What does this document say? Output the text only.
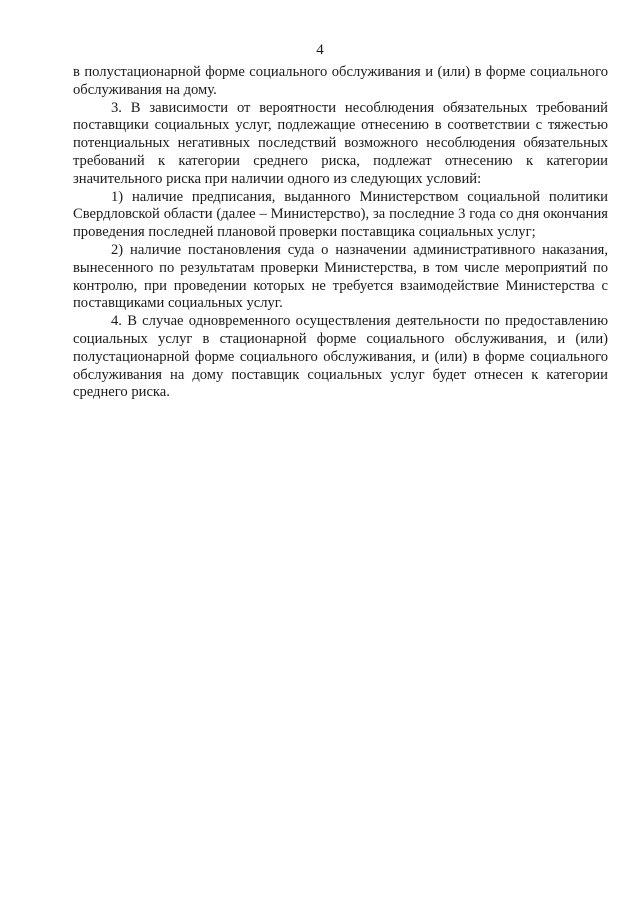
4

в полустационарной форме социального обслуживания и (или) в форме социального обслуживания на дому.

3. В зависимости от вероятности несоблюдения обязательных требований поставщики социальных услуг, подлежащие отнесению в соответствии с тяжестью потенциальных негативных последствий возможного несоблюдения обязательных требований к категории среднего риска, подлежат отнесению к категории значительного риска при наличии одного из следующих условий:

1) наличие предписания, выданного Министерством социальной политики Свердловской области (далее – Министерство), за последние 3 года со дня окончания проведения последней плановой проверки поставщика социальных услуг;

2) наличие постановления суда о назначении административного наказания, вынесенного по результатам проверки Министерства, в том числе мероприятий по контролю, при проведении которых не требуется взаимодействие Министерства с поставщиками социальных услуг.

4. В случае одновременного осуществления деятельности по предоставлению социальных услуг в стационарной форме социального обслуживания, и (или) полустационарной форме социального обслуживания, и (или) в форме социального обслуживания на дому поставщик социальных услуг будет отнесен к категории среднего риска.
